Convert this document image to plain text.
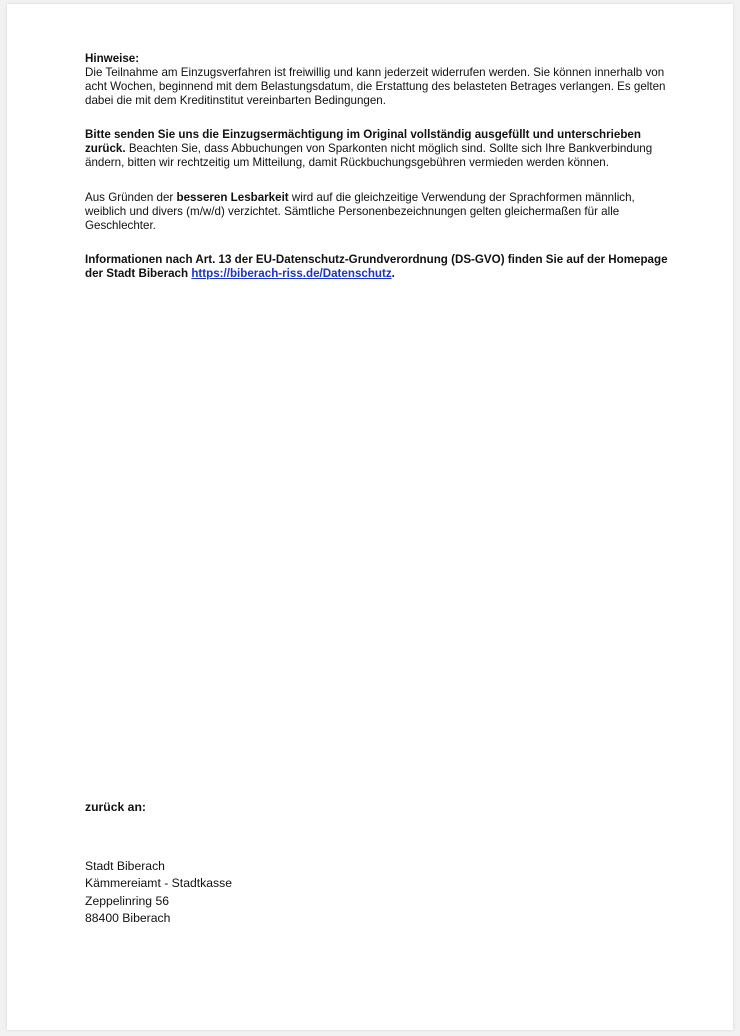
Hinweise:
Die Teilnahme am Einzugsverfahren ist freiwillig und kann jederzeit widerrufen werden. Sie können innerhalb von acht Wochen, beginnend mit dem Belastungsdatum, die Erstattung des belasteten Betrages verlangen. Es gelten dabei die mit dem Kreditinstitut vereinbarten Bedingungen.

Bitte senden Sie uns die Einzugsermächtigung im Original vollständig ausgefüllt und unterschrieben zurück. Beachten Sie, dass Abbuchungen von Sparkonten nicht möglich sind. Sollte sich Ihre Bankverbindung ändern, bitten wir rechtzeitig um Mitteilung, damit Rückbuchungsgebühren vermieden werden können.

Aus Gründen der besseren Lesbarkeit wird auf die gleichzeitige Verwendung der Sprachformen männlich, weiblich und divers (m/w/d) verzichtet. Sämtliche Personenbezeichnungen gelten gleichermaßen für alle Geschlechter.

Informationen nach Art. 13 der EU-Datenschutz-Grundverordnung (DS-GVO) finden Sie auf der Homepage der Stadt Biberach https://biberach-riss.de/Datenschutz.

zurück an:
Stadt Biberach
Kämmereiamt - Stadtkasse
Zeppelinring 56
88400 Biberach
